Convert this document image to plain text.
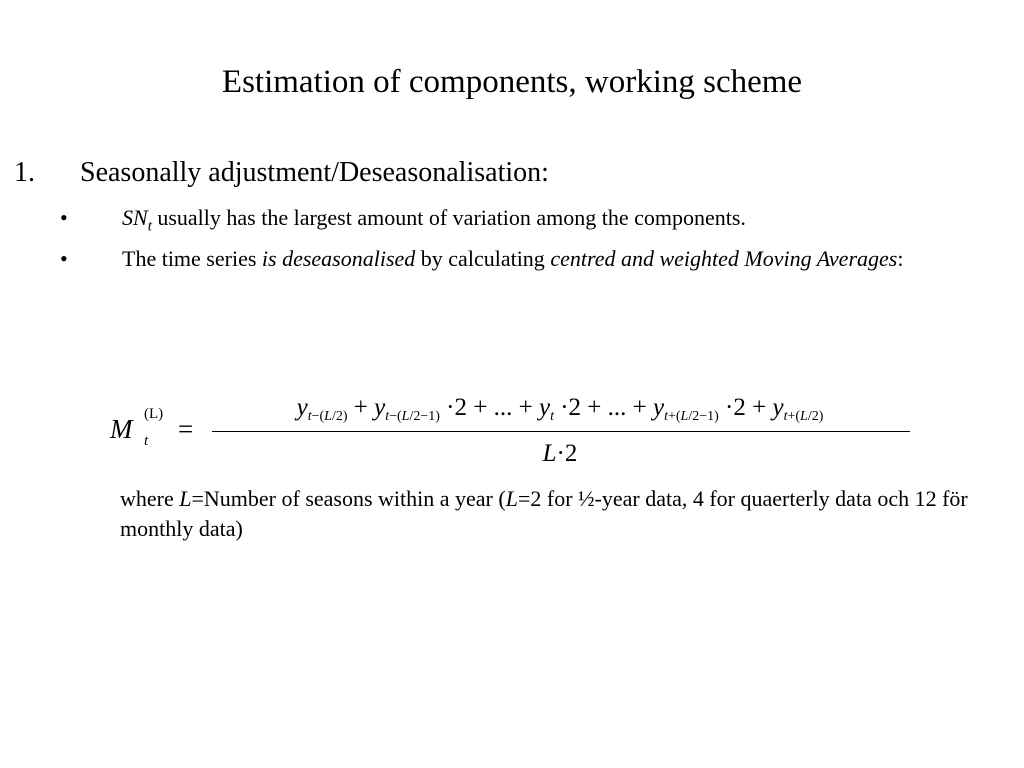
Estimation of components, working scheme
1. Seasonally adjustment/Deseasonalisation:
•	$SN_t$ usually has the largest amount of variation among the components.
•	The time series is deseasonalised by calculating centred and weighted Moving Averages:
M (L)
t =
$y_{t-(L/2)} + y_{t-(L/2-1)} \cdot 2$ + ... + $y_t \cdot 2$ + ... + $y_{t+(L/2-1)} \cdot 2 + y_{t+(L/2)}$
L·2
where L=Number of seasons within a year (L=2 for ½-year data, 4 for quaerterly data och 12 för monthly data)
